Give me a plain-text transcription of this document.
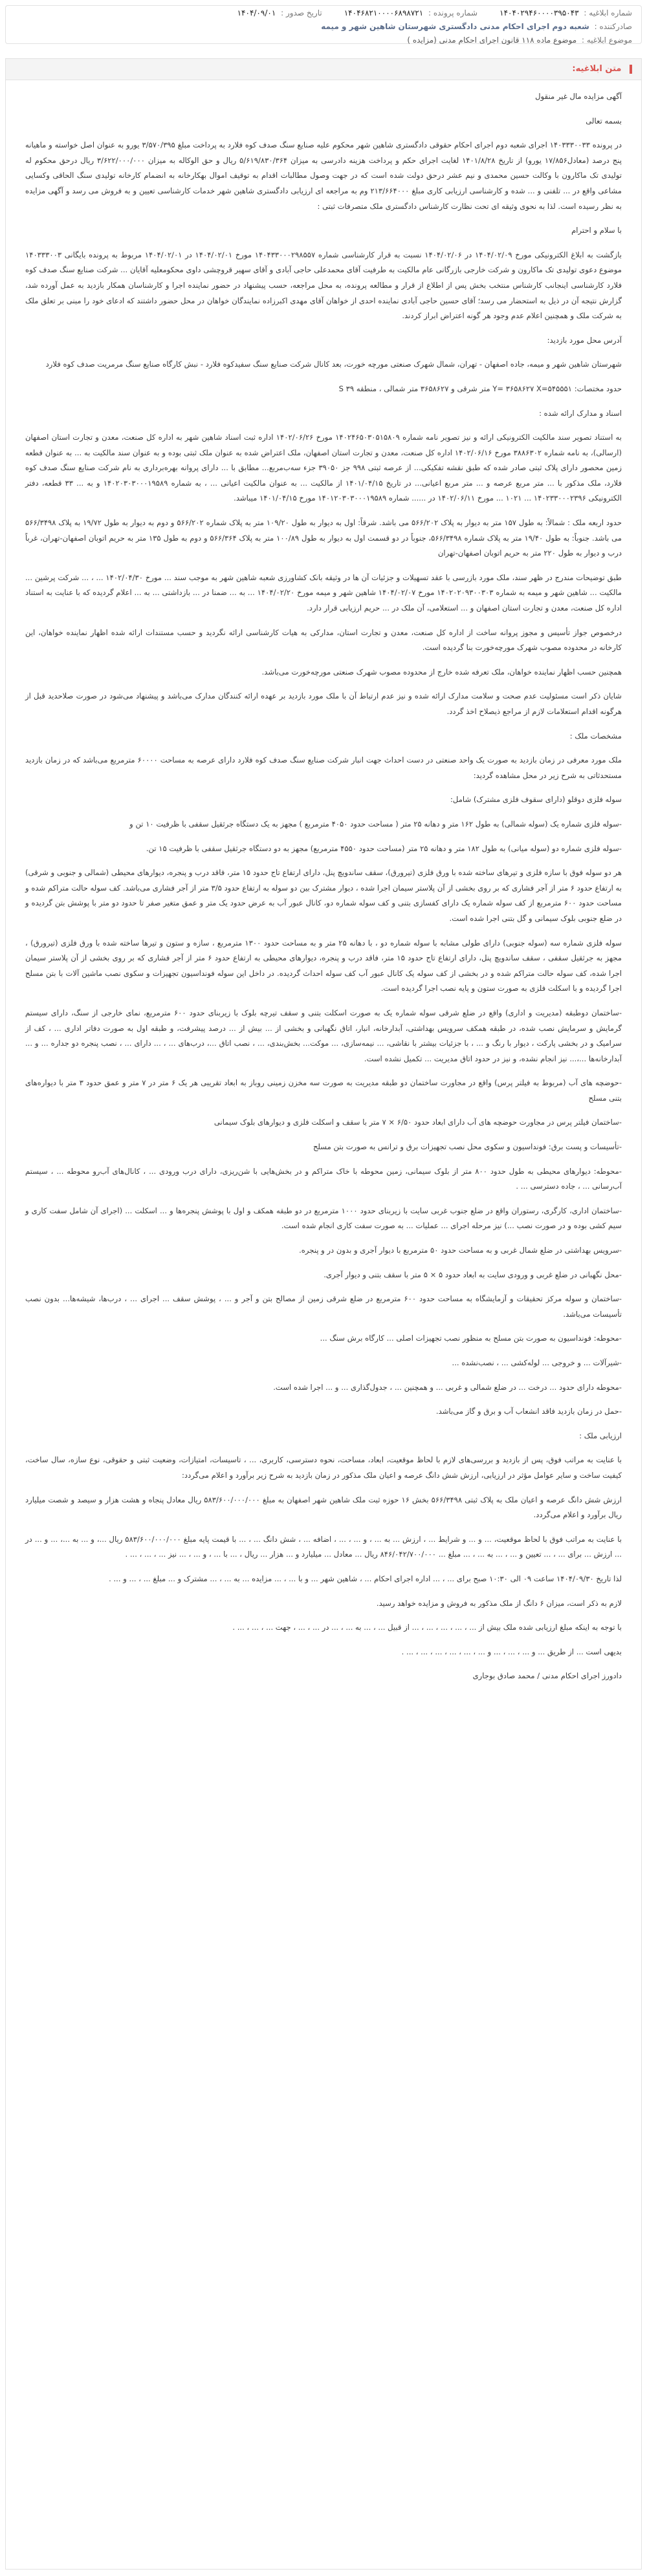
شماره ابلاغیه : ۱۴۰۴۰۲۹۴۶۰۰۰۰۳۹۵۰۴۳
شماره پرونده : ۱۴۰۴۶۸۲۱۰۰۰۰۶۸۹۸۷۲۱
تاریخ صدور : ۱۴۰۴/۰۹/۰۱
صادرکننده : شعبه دوم اجرای احکام مدنی دادگستری شهرستان شاهین شهر و میمه
موضوع ابلاغیه : موضوع ماده ۱۱۸ قانون اجرای احکام مدنی (مزایده )
متن ابلاغیه:

آگهی مزایده مال غیر منقول

بسمه تعالی

در پرونده ۱۴۰۳۳۳۰۰۳۳ اجرای شعبه دوم اجرای احکام حقوقی دادگستری شاهین شهر محکوم علیه صنایع سنگ صدف کوه فلارد به پرداخت مبلغ ۳/۵۷۰/۳۹۵ یورو به عنوان اصل خواسته و ماهیانه پنج درصد (معادل۱۷/۸۵۶ یورو) از تاریخ ۱۴۰۱/۸/۲۸ لغایت اجرای حکم و پرداخت هزینه دادرسی به میزان ۵/۶۱۹/۸۳۰/۳۶۴ ریال و حق الوکاله به میزان ۳/۶۲۲/۰۰۰/۰۰۰ ریال درحق محکوم له تولیدی تک ماکارون با وکالت حسین محمدی و نیم عشر درحق دولت شده است که در جهت وصول مطالبات اقدام به توقیف اموال بهکارخانه به انضمام کارخانه تولیدی سنگ الحاقی وکسایی مشاعی واقع در ... تلفنی و ... شده و کارشناسی ارزیابی کاری مبلغ ۲۱۳/۶۶۴۰۰۰ وم به مراجعه ای ارزیابی دادگستری شاهین شهر خدمات کارشناسی تعیین و به فروش می رسد و آگهی مزایده به نظر رسیده است. لذا به نحوی وثیقه ای تحت نظارت کارشناس دادگستری ملک متصرفات ثبتی :

با سلام و احترام

بازگشت به ابلاغ الکترونیکی مورخ ۱۴۰۴/۰۲/۰۹ در ۱۴۰۴/۰۲/۰۶ نسبت به قرار کارشناسی شماره ۱۴۰۴۳۳۰۰۰۲۹۸۵۵۷ مورخ ۱۴۰۴/۰۲/۰۱ در ۱۴۰۴/۰۲/۰۱ مربوط به پرونده بایگانی ۱۴۰۳۳۳۰۰۳ موضوع دعوی تولیدی تک ماکارون و شرکت خارجی بازرگانی عام مالکیت به طرفیت آقای محمدعلی حاجی آبادی و آقای سهیر قروچشی داوی محکومعلیه آقایان ... شرکت صنایع سنگ صدف کوه فلارد کارشناسی اینجانب کارشناس منتخب بخش پس از اطلاع از قرار و مطالعه پرونده، به محل مراجعه، حسب پیشنهاد در حضور نماینده اجرا و کارشناسان همکار بازدید به عمل آورده شد، گزارش نتیجه آن در ذیل به استحضار می رسد؛ آقای حسین حاجی آبادی نماینده احدی از خواهان آقای مهدی اکبرزاده نمایندگان خواهان در محل حضور داشتند که ادعای خود را مبنی بر تعلق ملک به شرکت ملک و همچنین اعلام عدم وجود هر گونه اعتراض ابراز کردند.

آدرس محل مورد بازدید:

شهرستان شاهین شهر و میمه، جاده اصفهان - تهران، شمال شهرک صنعتی مورچه خورت، بعد کانال شرکت صنایع سنگ سفیدکوه فلارد - نبش کارگاه صنایع سنگ مرمریت صدف کوه فلارد

حدود مختصات: Y= ۳۶۵۸۶۲۷ X=۵۴۵۵۵۱ متر شرقی و ۳۶۵۸۶۲۷ متر شمالی ، منطقه ۳۹ S

اسناد و مدارک ارائه شده :

به استناد تصویر سند مالکیت الکترونیکی ارائه و نیز تصویر نامه شماره ۱۴۰۲۴۶۵۰۳۰۵۱۵۸۰۹ مورخ ۱۴۰۲/۰۶/۲۶ اداره ثبت اسناد شاهین شهر به اداره کل صنعت، معدن و تجارت استان اصفهان (ارسالی)، به نامه شماره ۳۸۸۶۳۰۲ مورخ ۱۴۰۲/۰۶/۱۶ اداره کل صنعت، معدن و تجارت استان اصفهان، ملک اعتراض شده به عنوان ملک ثبتی بوده و به عنوان سند مالکیت به ... به عنوان قطعه زمین محصور دارای پلاک ثبتی صادر شده که طبق نقشه تفکیکی... از عرصه ثبتی ۹۹۸ جز ۳۹۰۵۰ جزء سه‌ب‌مربع... مطابق با ... دارای پروانه بهره‌برداری به نام شرکت صنایع سنگ صدف کوه فلارد، ملک مذکور با ... متر مربع عرصه و ... متر مربع اعیانی... در تاریخ ۱۴۰۱/۰۴/۱۵ از مالکیت ... به عنوان مالکیت اعیانی ... ، به شماره ۱۴۰۲۰۳۰۳۰۰۰۱۹۵۸۹ و به ... ۳۳ قطعه، دفتر الکترونیکی ۱۴۰۲۳۳۰۰۰۲۳۹۶ ... ۱۰۲۱ ... مورخ ۱۴۰۲/۰۶/۱۱ در ...... شماره ۱۴۰۱۲۰۳۰۳۰۰۰۱۹۵۸۹ مورخ ۱۴۰۱/۰۴/۱۵ میباشد.

حدود اربعه ملک : شمالاً: به طول ۱۵۷ متر به دیوار به پلاک ۵۶۶/۲۰۲ می باشد. شرقاً: اول به دیوار به طول ۱۰۹/۲۰ متر به پلاک شماره ۵۶۶/۲۰۲ و دوم به دیوار به طول ۱۹/۷۲ به پلاک ۵۶۶/۳۴۹۸ می باشد. جنوباً: به طول ۱۹/۴۰ متر به پلاک شماره ۵۶۶/۳۴۹۸، جنوباً در دو قسمت اول به دیوار به طول ۱۰۰/۸۹ متر به پلاک ۵۶۶/۳۶۴ و دوم به طول ۱۳۵ متر به حریم اتوبان اصفهان-تهران، غرباً درب و دیوار به طول ۲۲۰ متر به حریم اتوبان اصفهان-تهران

طبق توضیحات مندرج در ظهر سند، ملک مورد بازرسی با عقد تسهیلات و جزئیات آن ها در وثیقه بانک کشاورزی شعبه شاهین شهر به موجب سند ... مورخ ۱۴۰۲/۰۴/۳۰ ... ، ... شرکت پرشین ... مالکیت ... شاهین شهر و میمه به شماره ۱۴۰۲۰۲۰۹۳۰۰۳۰۳ مورخ ۱۴۰۴/۰۲/۰۷ شاهین شهر و میمه مورخ ۱۴۰۴/۰۲/۲۰ ... به ... ضمنا در ... بازداشتی ... به ... اعلام گردیده که با عنایت به استناد اداره کل صنعت، معدن و تجارت استان اصفهان و ... استعلامی، آن ملک در ... حریم ارزیابی قرار دارد.

درخصوص جواز تأسیس و مجوز پروانه ساخت از اداره کل صنعت، معدن و تجارت استان، مدارکی به هیات کارشناسی ارائه نگردید و حسب مستندات ارائه شده اظهار نماینده خواهان، این کارخانه در محدوده مصوب شهرک مورچه‌خورت بنا گردیده است.

همچنین حسب اظهار نماینده خواهان، ملک تعرفه شده خارج از محدوده مصوب شهرک صنعتی مورچه‌خورت می‌باشد.

شایان ذکر است مسئولیت عدم صحت و سلامت مدارک ارائه شده و نیز عدم ارتباط آن با ملک مورد بازدید بر عهده ارائه کنندگان مدارک می‌باشد و پیشنهاد می‌شود در صورت صلاحدید قبل از هرگونه اقدام استعلامات لازم از مراجع ذیصلاح اخذ گردد.

مشخصات ملک :

ملک مورد معرفی در زمان بازدید به صورت یک واحد صنعتی در دست احداث جهت انبار شرکت صنایع سنگ صدف کوه فلارد دارای عرصه به مساحت ۶۰۰۰۰ مترمربع می‌باشد که در زمان بازدید مستحدثاتی به شرح زیر در محل مشاهده گردید:

سوله فلزی دوقلو (دارای سقوف فلزی مشترک) شامل:

-سوله فلزی شماره یک (سوله شمالی) به طول ۱۶۲ متر و دهانه ۲۵ متر ( مساحت حدود ۴۰۵۰ مترمربع ) مجهز به یک دستگاه جرثقیل سقفی با ظرفیت ۱۰ تن و

-سوله فلزی شماره دو (سوله میانی) به طول ۱۸۲ متر و دهانه ۲۵ متر (مساحت حدود ۴۵۵۰ مترمربع) مجهز به دو دستگاه جرثقیل سقفی با ظرفیت ۱۵ تن.

هر دو سوله فوق با سازه فلزی و تیرهای ساخته شده با ورق فلزی (تیرورق)، سقف ساندویچ پنل، دارای ارتفاع تاج حدود ۱۵ متر، فاقد درب و پنجره، دیوارهای محیطی (شمالی و جنوبی و شرقی) به ارتفاع حدود ۶ متر از آجر فشاری که بر روی بخشی از آن پلاستر سیمان اجرا شده ، دیوار مشترک بین دو سوله به ارتفاع حدود ۳/۵ متر از آجر فشاری می‌باشد. کف سوله حالت متراکم شده و مساحت حدود ۶۰۰ مترمربع از کف سوله شماره یک دارای کفسازی بتنی و کف سوله شماره دو، کانال عبور آب به عرض حدود یک متر و عمق متغیر صفر تا حدود دو متر با پوشش بتن گردیده و در ضلع جنوبی بلوک سیمانی و گل بتنی اجرا شده است.

سوله فلزی شماره سه (سوله جنوبی) دارای طولی مشابه با سوله شماره دو ، با دهانه ۲۵ متر و به مساحت حدود ۱۳۰۰ مترمربع ، سازه و ستون و تیرها ساخته شده با ورق فلزی (تیرورق) ، مجهز به جرثقیل سقفی ، سقف ساندویچ پنل، دارای ارتفاع تاج حدود ۱۵ متر، فاقد درب و پنجره، دیوارهای محیطی به ارتفاع حدود ۶ متر از آجر فشاری که بر روی بخشی از آن پلاستر سیمان اجرا شده، کف سوله حالت متراکم شده و در بخشی از کف سوله یک کانال عبور آب کف سوله احداث گردیده. در داخل این سوله فونداسیون تجهیزات و سکوی نصب ماشین آلات با بتن مسلح اجرا گردیده و با اسکلت فلزی به صورت ستون و پایه نصب اجرا گردیده است.

-ساختمان دوطبقه (مدیریت و اداری) واقع در ضلع شرقی سوله شماره یک به صورت اسکلت بتنی و سقف تیرچه بلوک با زیربنای حدود ۶۰۰ مترمربع، نمای خارجی از سنگ، دارای سیستم گرمایش و سرمایش نصب شده، در طبقه همکف سرویس بهداشتی، آبدارخانه، انبار، اتاق نگهبانی و بخشی از ... بیش از ... درصد پیشرفت، و طبقه اول به صورت دفاتر اداری ... ، کف از سرامیک و در بخشی پارکت ، دیوار با رنگ و ... ، با جزئیات بیشتر با نقاشی، ... نیمه‌سازی، ... موکت... بخش‌بندی، ... ، نصب اتاق ...، درب‌های ... ، ... دارای ... ، نصب پنجره دو جداره ... و ... آبدارخانه‌ها ...،... نیز انجام نشده، و نیز در حدود اتاق مدیریت ... تکمیل نشده است.

-حوضچه های آب (مربوط به فیلتر پرس) واقع در مجاورت ساختمان دو طبقه مدیریت به صورت سه مخزن زمینی روباز به ابعاد تقریبی هر یک ۶ متر در ۷ متر و عمق حدود ۳ متر با دیواره‌های بتنی مسلح

-ساختمان فیلتر پرس در مجاورت حوضچه های آب دارای ابعاد حدود ۶/۵۰ × ۷ متر با سقف و اسکلت فلزی و دیوارهای بلوک سیمانی

-تأسیسات و پست برق: فونداسیون و سکوی محل نصب تجهیزات برق و ترانس به صورت بتن مسلح

-محوطه: دیوارهای محیطی به طول حدود ۸۰۰ متر از بلوک سیمانی، زمین محوطه با خاک متراکم و در بخش‌هایی با شن‌ریزی، دارای درب ورودی ... ، کانال‌های آب‌رو محوطه ... ، سیستم آب‌رسانی ... ، جاده دسترسی ... .

-ساختمان اداری، کارگری، رستوران واقع در ضلع جنوب غربی سایت با زیربنای حدود ۱۰۰۰ مترمربع در دو طبقه همکف و اول با پوشش پنجره‌ها و ... اسکلت ... (اجرای آن شامل سفت کاری و سیم کشی بوده و در صورت نصب ...) نیز مرحله اجرای ... عملیات ... به صورت سفت کاری انجام شده است.

-سرویس بهداشتی در ضلع شمال غربی و به مساحت حدود ۵۰ مترمربع با دیوار آجری و بدون در و پنجره.

-محل نگهبانی در ضلع غربی و ورودی سایت به ابعاد حدود ۵ × ۵ متر با سقف بتنی و دیوار آجری.

-ساختمان و سوله مرکز تحقیقات و آزمایشگاه به مساحت حدود ۶۰۰ مترمربع در ضلع شرقی زمین از مصالح بتن و آجر و ... ، پوشش سقف ... اجرای ... ، درب‌ها، شیشه‌ها... بدون نصب تأسیسات می‌باشد.

-محوطه: فونداسیون به صورت بتن مسلح به منظور نصب تجهیزات اصلی ... کارگاه برش سنگ ...

-شیرآلات ... و خروجی ... لوله‌کشی ... ، نصب‌نشده ...

-محوطه دارای حدود ... درخت ... در ضلع شمالی و غربی ... و همچنین ... ، جدول‌گذاری ... و ... اجرا شده است.

-حمل در زمان بازدید فاقد انشعاب آب و برق و گاز می‌باشد.

ارزیابی ملک :

با عنایت به مراتب فوق، پس از بازدید و بررسی‌های لازم با لحاظ موقعیت، ابعاد، مساحت، نحوه دسترسی، کاربری، ... ، تاسیسات، امتیازات، وضعیت ثبتی و حقوقی، نوع سازه، سال ساخت، کیفیت ساخت و سایر عوامل مؤثر در ارزیابی، ارزش شش دانگ عرصه و اعیان ملک مذکور در زمان بازدید به شرح زیر برآورد و اعلام می‌گردد:

ارزش شش دانگ عرصه و اعیان ملک به پلاک ثبتی ۵۶۶/۳۴۹۸ بخش ۱۶ حوزه ثبت ملک شاهین شهر اصفهان به مبلغ ۵۸۳/۶۰۰/۰۰۰/۰۰۰ ریال معادل پنجاه و هشت هزار و سیصد و شصت میلیارد ریال برآورد و اعلام می‌گردد.

با عنایت به مراتب فوق با لحاظ موقعیت، ... و ... و شرایط ... ، ارزش ... به ... ، و ... ، ... ، اضافه ... ، شش دانگ ... ، ... با قیمت پایه مبلغ ۵۸۳/۶۰۰/۰۰۰/۰۰۰ ریال ...، و ... به ...، ... و ... در ... ارزش ... برای ... ، ... تعیین و ... ، ... به ... ، ... مبلغ ... ۸۴۶/۰۴۲/۷۰۰/۰۰۰ ریال ... معادل ... میلیارد و ... هزار ... ریال ، ... با ... ، و ... ، ... نیز ... ، ... ، ... .

لذا تاریخ ۱۴۰۴/۰۹/۳۰ ساعت ۰۹ الی ۱۰:۳۰ صبح برای ... ، ... اداره اجرای احکام ... ، شاهین شهر ... و با ... ، ... مزایده ... به ... ، ... مشترک و ... مبلغ ... ، ... و ... .

لازم به ذکر است، میزان ۶ دانگ از ملک مذکور به فروش و مزایده خواهد رسید.

با توجه به اینکه مبلغ ارزیابی شده ملک بیش از ... ، ... ، ... ، ... ، ... از قبیل ... ، ... به ... ، ... در ... ، ... ، جهت ... ، ... ، ... .

بدیهی است ... از طریق ... و ... ، ... ، ... و ... ، ... ، ... ، ... ، ... ، ... .

دادورز اجرای احکام مدنی / محمد صادق بوجاری
